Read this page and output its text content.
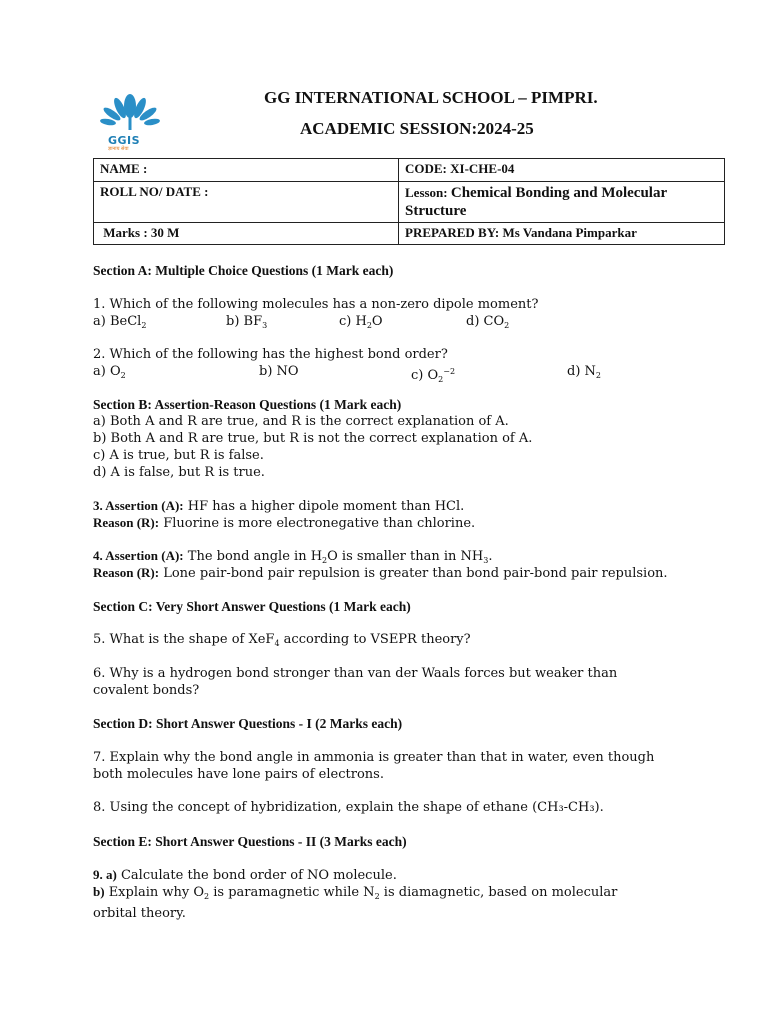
GGIS
ज्ञानाय सेवा
GG INTERNATIONAL SCHOOL – PIMPRI.
ACADEMIC SESSION:2024-25
NAME :	CODE: XI-CHE-04
ROLL NO/ DATE :	Lesson: Chemical Bonding and Molecular Structure
Marks : 30 M	PREPARED BY: Ms Vandana Pimparkar
Section A: Multiple Choice Questions (1 Mark each)
1. Which of the following molecules has a non-zero dipole moment?
a) BeCl$_2$	b) $BF_3$	c) $H_2O$	d) $CO_2$
2. Which of the following has the highest bond order?
a) $O_2$	b) NO	c) $O_2^{-2}$	d) $N_2$
Section B: Assertion-Reason Questions (1 Mark each)
a) Both A and R are true, and R is the correct explanation of A.
b) Both A and R are true, but R is not the correct explanation of A.
c) A is true, but R is false.
d) A is false, but R is true.
3. Assertion (A): HF has a higher dipole moment than HCl.
Reason (R): Fluorine is more electronegative than chlorine.
4. Assertion (A): The bond angle in $H_2O$ is smaller than in $NH_3$.
Reason (R): Lone pair-bond pair repulsion is greater than bond pair-bond pair repulsion.
Section C: Very Short Answer Questions (1 Mark each)
5. What is the shape of XeF$_4$ according to VSEPR theory?
6. Why is a hydrogen bond stronger than van der Waals forces but weaker than covalent bonds?
Section D: Short Answer Questions - I (2 Marks each)
7. Explain why the bond angle in ammonia is greater than that in water, even though both molecules have lone pairs of electrons.
8. Using the concept of hybridization, explain the shape of ethane (CH₃-CH₃).
Section E: Short Answer Questions - II (3 Marks each)
9. a) Calculate the bond order of NO molecule.
b) Explain why $O_2$ is paramagnetic while $N_2$ is diamagnetic, based on molecular orbital theory.
